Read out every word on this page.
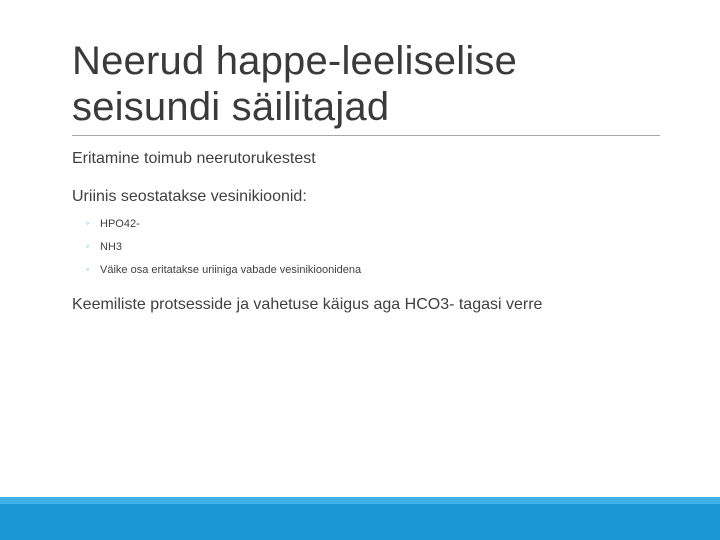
Neerud happe-leeliselise
seisundi säilitajad

Eritamine toimub neerutorukestest

Uriinis seostatakse vesinikioonid:

◦ HPO42-
◦ NH3
◦ Väike osa eritatakse uriiniga vabade vesinikioonidena

Keemiliste protsesside ja vahetuse käigus aga HCO3- tagasi verre
